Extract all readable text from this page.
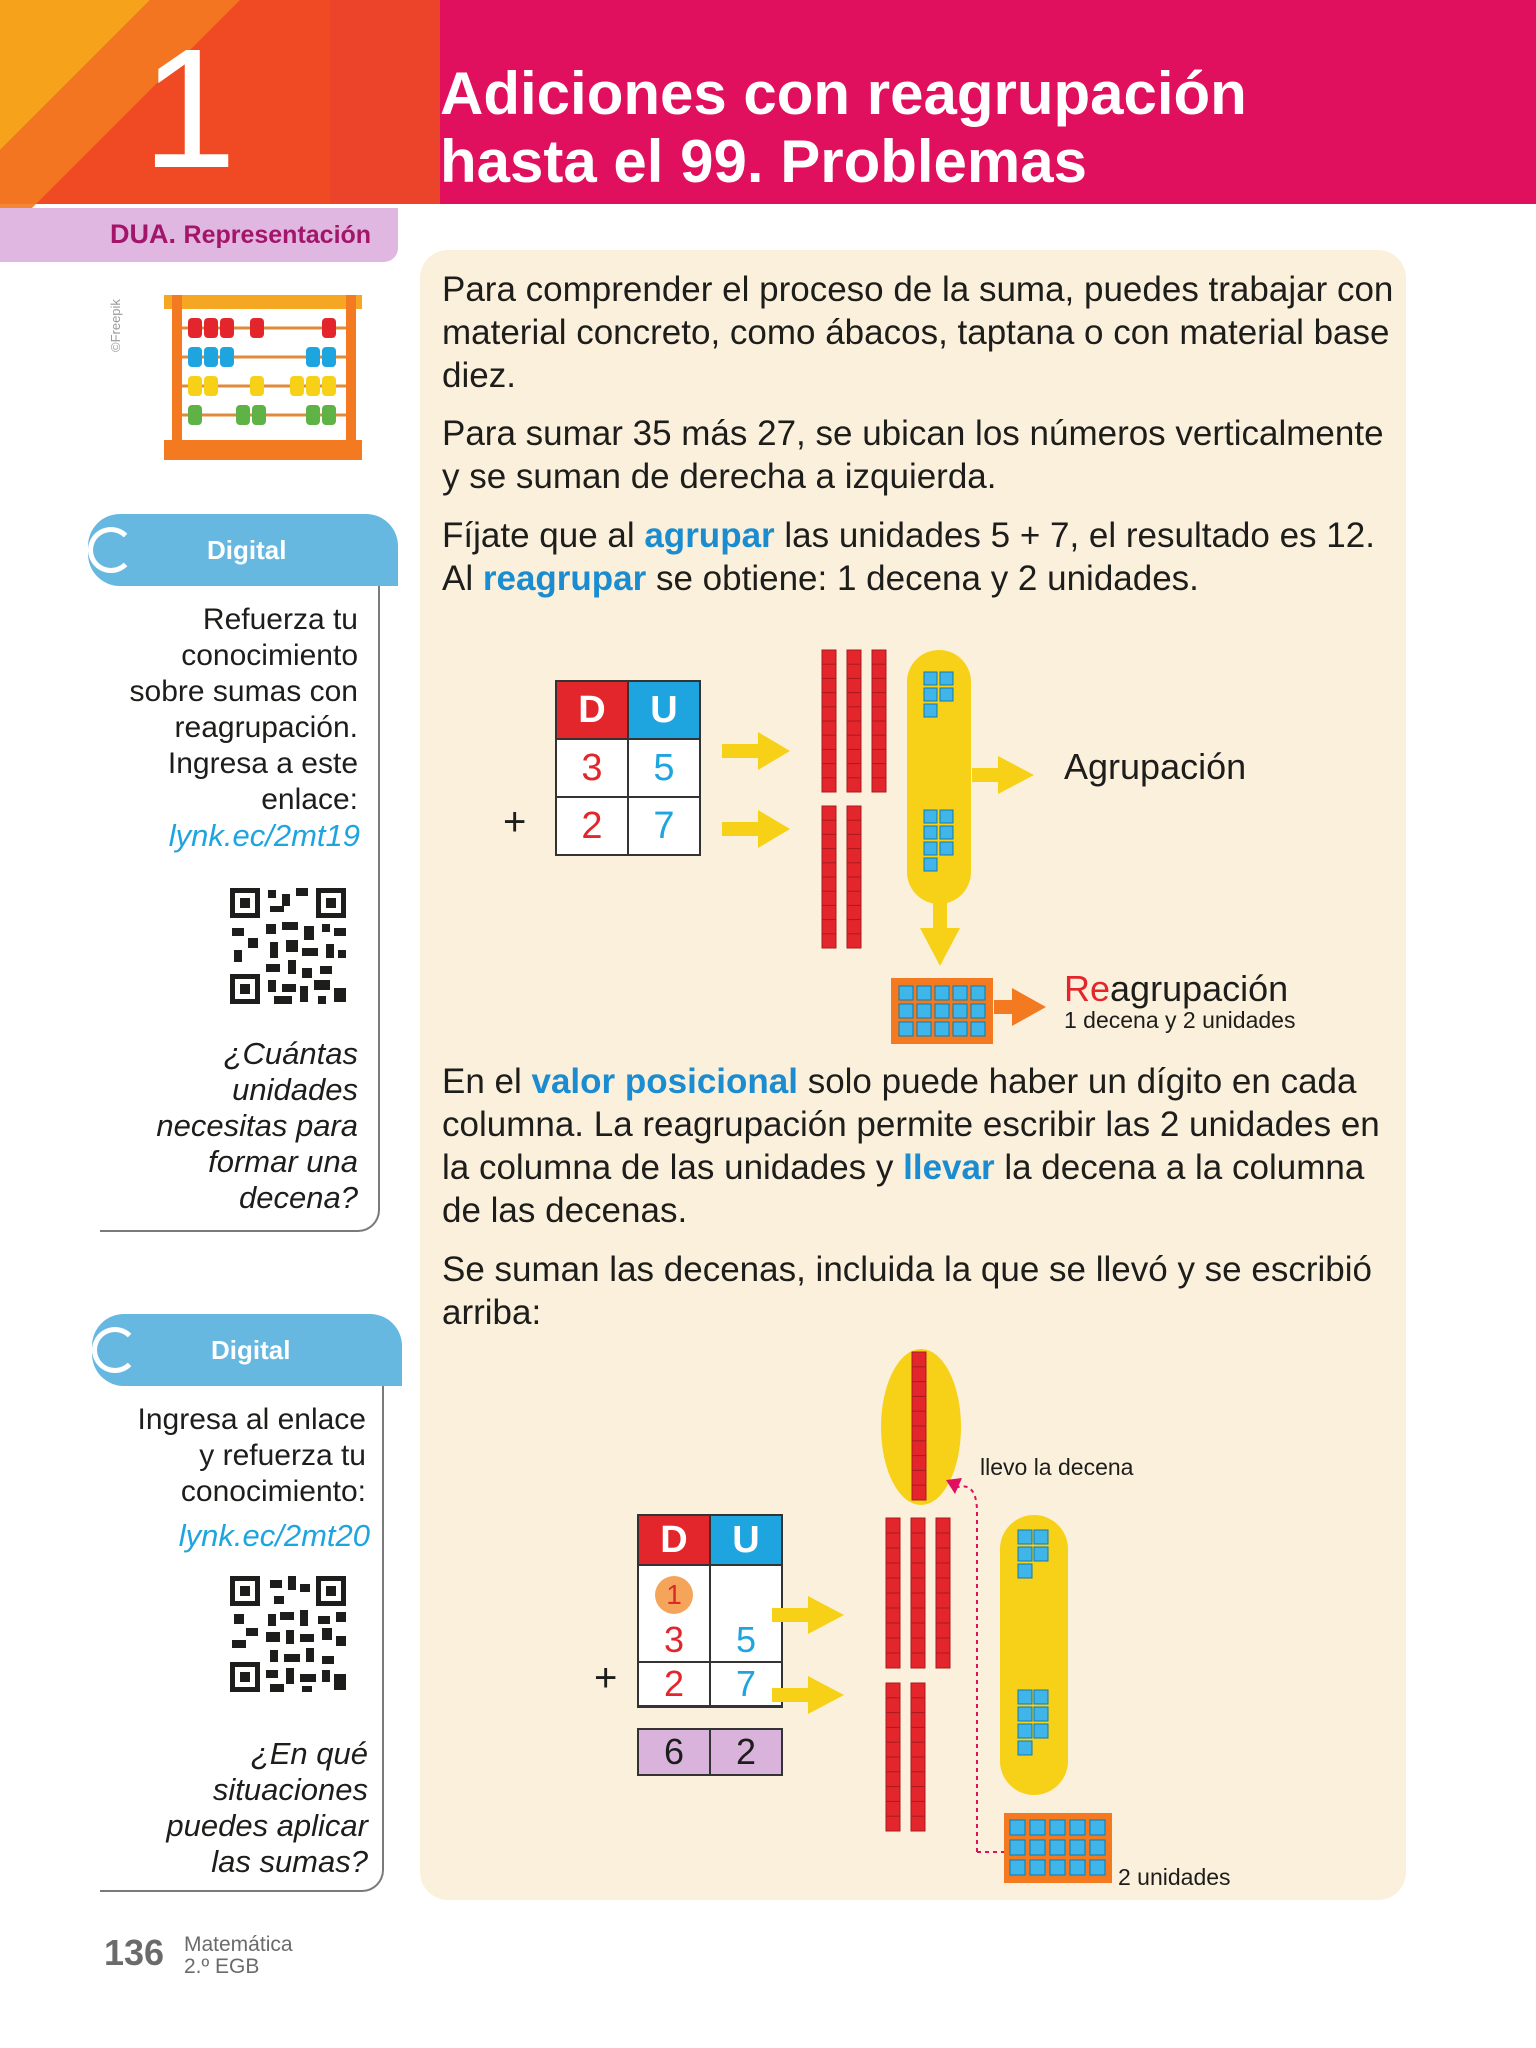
1	Adiciones con reagrupación
hasta el 99. Problemas
DUA. Representación
©Freepik
Digital
Refuerza tu
conocimiento
sobre sumas con
reagrupación.
Ingresa a este
enlace:
lynk.ec/2mt19
¿Cuántas
unidades
necesitas para
formar una
decena?
Digital
Ingresa al enlace
y refuerza tu
conocimiento:
lynk.ec/2mt20
¿En qué
situaciones
puedes aplicar
las sumas?
Para comprender el proceso de la suma, puedes trabajar con material concreto, como ábacos, taptana o con material base diez.
Para sumar 35 más 27, se ubican los números verticalmente y se suman de derecha a izquierda.
Fíjate que al agrupar las unidades 5 + 7, el resultado es 12. Al reagrupar se obtiene: 1 decena y 2 unidades.
D	U
3	5
2	7
+
Agrupación
Reagrupación
1 decena y 2 unidades
En el valor posicional solo puede haber un dígito en cada columna. La reagrupación permite escribir las 2 unidades en la columna de las unidades y llevar la decena a la columna de las decenas.
Se suman las decenas, incluida la que se llevó y se escribió arriba:
D	U
1	
3	5
2	7

6	2
+
llevo la decena
2 unidades
136 Matemática
2.º EGB
